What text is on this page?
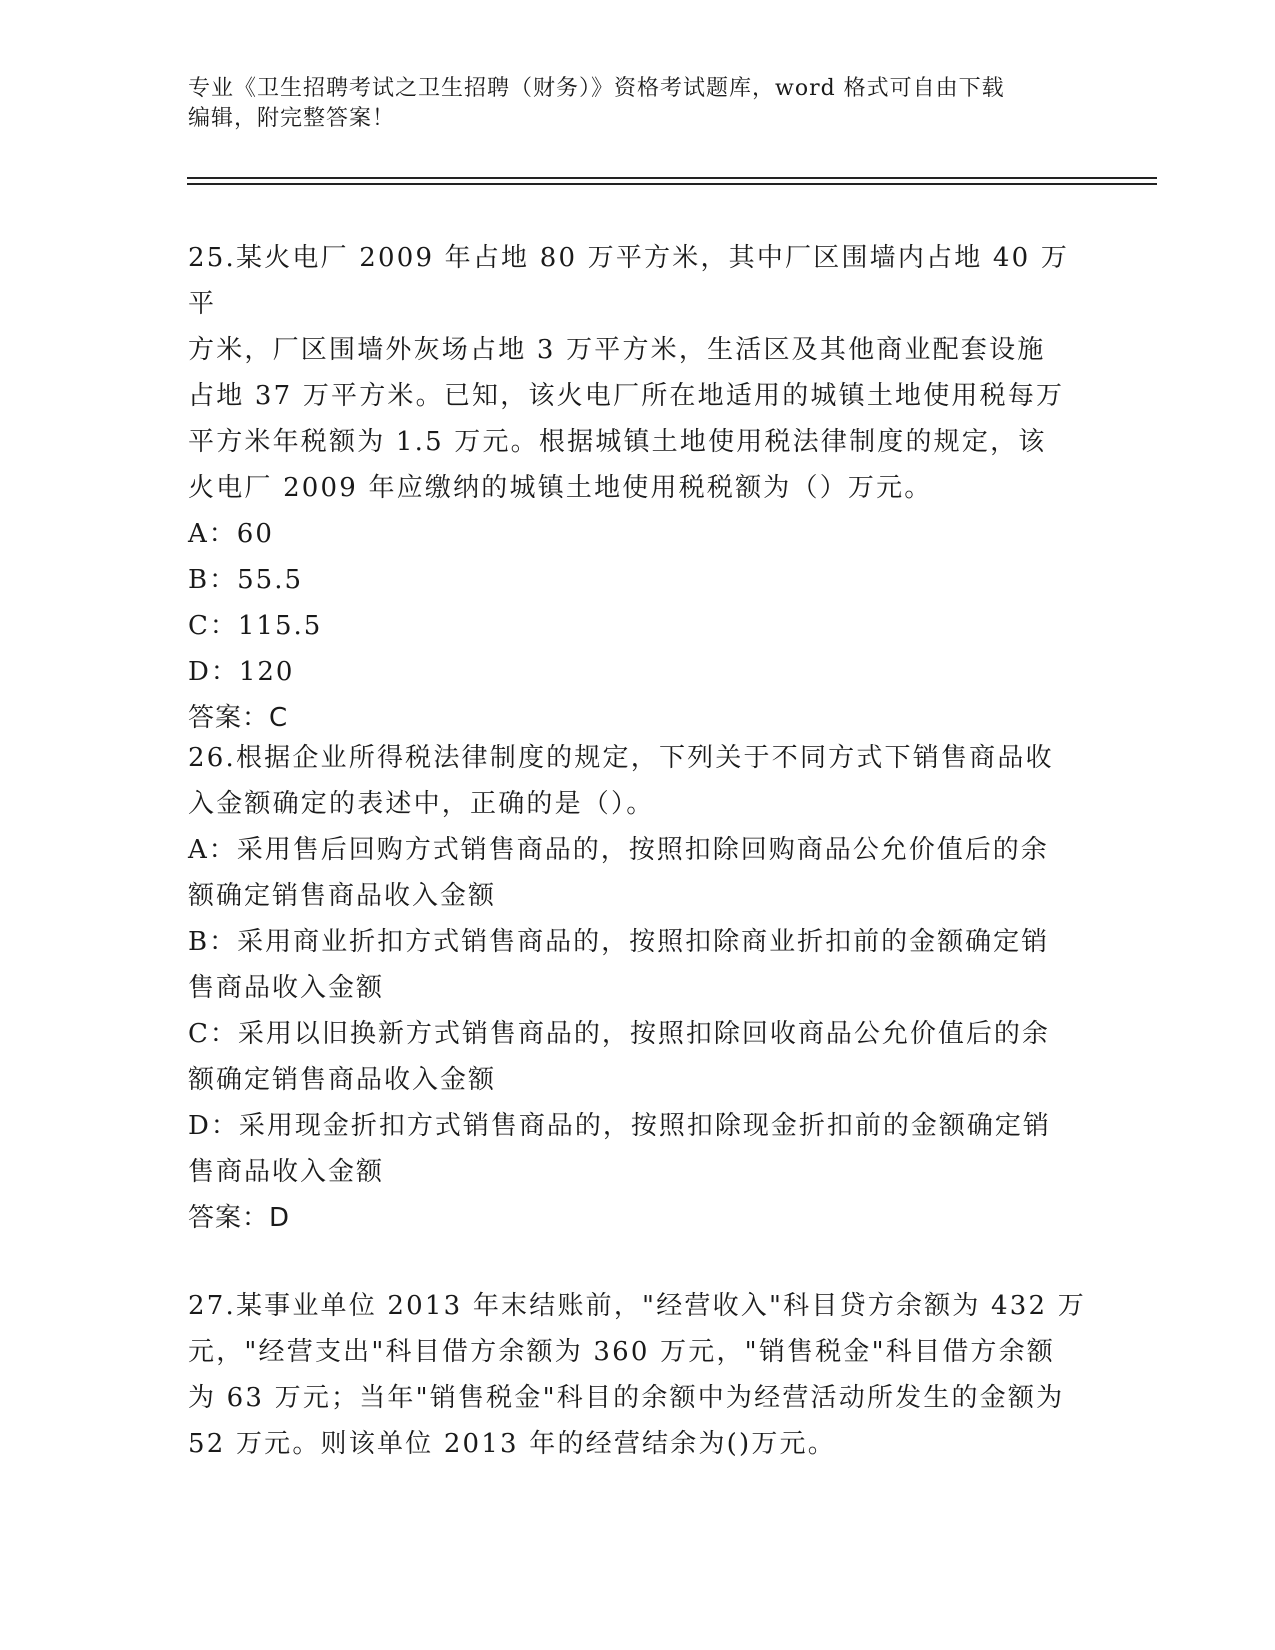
专业《卫生招聘考试之卫生招聘（财务）》资格考试题库，word 格式可自由下载
编辑，附完整答案！
25.某火电厂 2009 年占地 80 万平方米，其中厂区围墙内占地 40 万平
方米，厂区围墙外灰场占地 3 万平方米，生活区及其他商业配套设施
占地 37 万平方米。已知，该火电厂所在地适用的城镇土地使用税每万
平方米年税额为 1.5 万元。根据城镇土地使用税法律制度的规定，该
火电厂 2009 年应缴纳的城镇土地使用税税额为（）万元。
A：60
B：55.5
C：115.5
D：120
答案：C
26.根据企业所得税法律制度的规定，下列关于不同方式下销售商品收
入金额确定的表述中，正确的是（）。
A：采用售后回购方式销售商品的，按照扣除回购商品公允价值后的余
额确定销售商品收入金额
B：采用商业折扣方式销售商品的，按照扣除商业折扣前的金额确定销
售商品收入金额
C：采用以旧换新方式销售商品的，按照扣除回收商品公允价值后的余
额确定销售商品收入金额
D：采用现金折扣方式销售商品的，按照扣除现金折扣前的金额确定销
售商品收入金额
答案：D
27.某事业单位 2013 年末结账前，"经营收入"科目贷方余额为 432 万
元，"经营支出"科目借方余额为 360 万元，"销售税金"科目借方余额
为 63 万元；当年"销售税金"科目的余额中为经营活动所发生的金额为
52 万元。则该单位 2013 年的经营结余为()万元。
